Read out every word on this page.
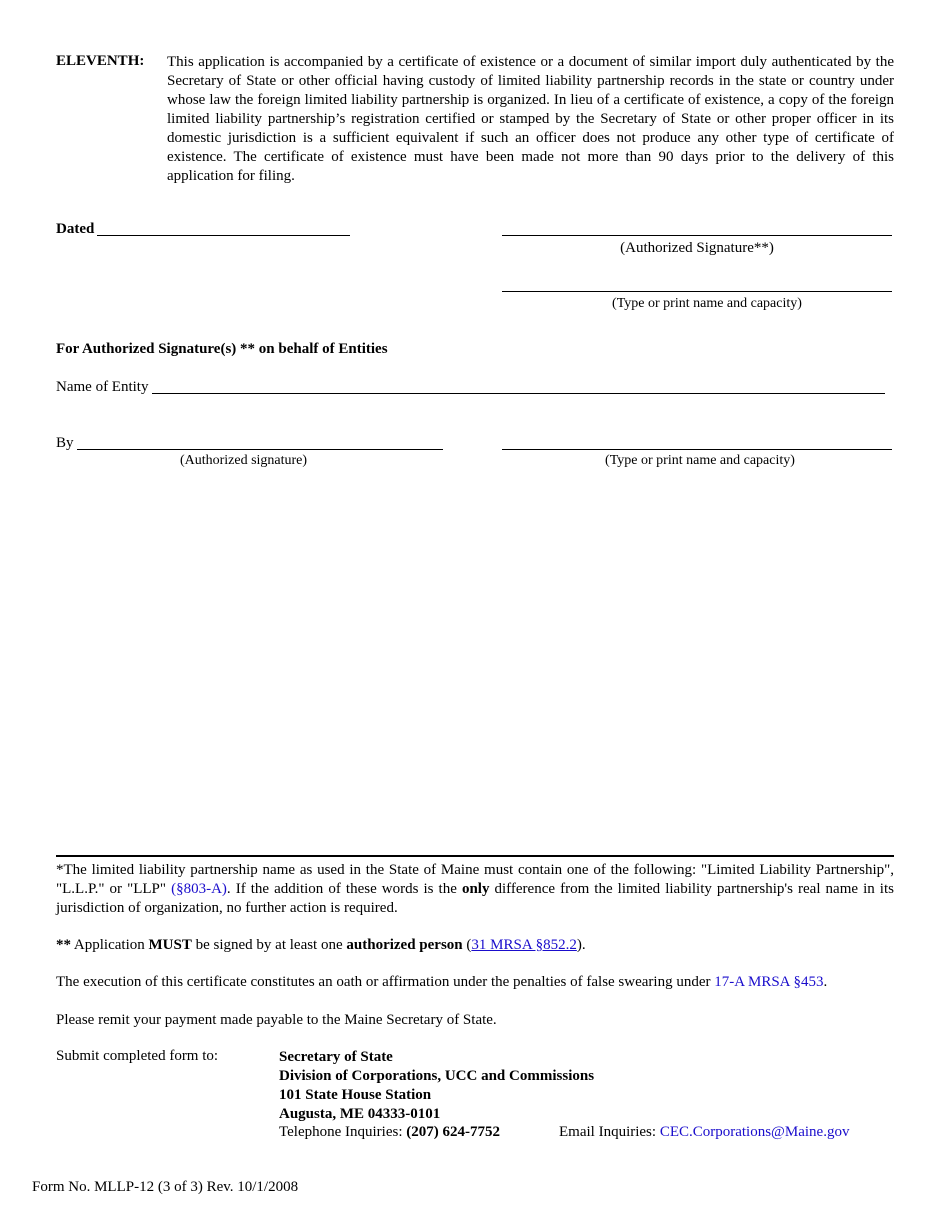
ELEVENTH: This application is accompanied by a certificate of existence or a document of similar import duly authenticated by the Secretary of State or other official having custody of limited liability partnership records in the state or country under whose law the foreign limited liability partnership is organized. In lieu of a certificate of existence, a copy of the foreign limited liability partnership’s registration certified or stamped by the Secretary of State or other proper officer in its domestic jurisdiction is a sufficient equivalent if such an officer does not produce any other type of certificate of existence. The certificate of existence must have been made not more than 90 days prior to the delivery of this application for filing.
Dated
(Authorized Signature**)
(Type or print name and capacity)
For Authorized Signature(s) ** on behalf of Entities
Name of Entity
By
(Authorized signature)	(Type or print name and capacity)
*The limited liability partnership name as used in the State of Maine must contain one of the following: "Limited Liability Partnership", "L.L.P." or "LLP" (§803-A). If the addition of these words is the only difference from the limited liability partnership's real name in its jurisdiction of organization, no further action is required.
** Application MUST be signed by at least one authorized person (31 MRSA §852.2).
The execution of this certificate constitutes an oath or affirmation under the penalties of false swearing under 17-A MRSA §453.
Please remit your payment made payable to the Maine Secretary of State.
Submit completed form to:	Secretary of State
Division of Corporations, UCC and Commissions
101 State House Station
Augusta, ME 04333-0101
Telephone Inquiries: (207) 624-7752	Email Inquiries: CEC.Corporations@Maine.gov
Form No. MLLP-12 (3 of 3) Rev. 10/1/2008
